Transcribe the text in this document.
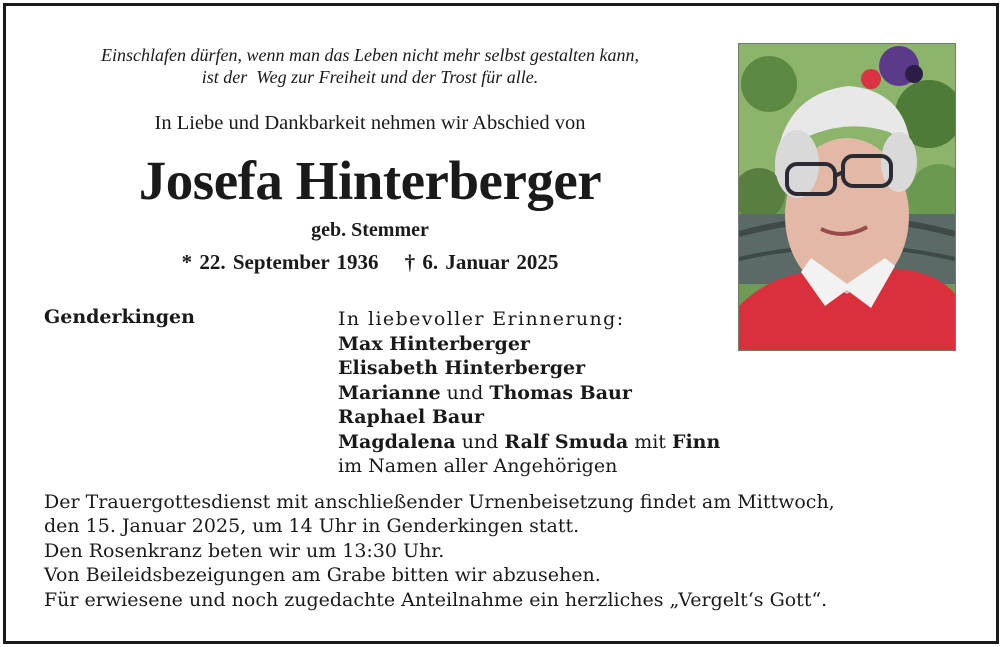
Einschlafen dürfen, wenn man das Leben nicht mehr selbst gestalten kann,
ist der  Weg zur Freiheit und der Trost für alle.
In Liebe und Dankbarkeit nehmen wir Abschied von
Josefa Hinterberger
geb. Stemmer
* 22. September 1936 † 6. Januar 2025
Genderkingen	In liebevoller Erinnerung:
Max Hinterberger
Elisabeth Hinterberger
Marianne und Thomas Baur
Raphael Baur
Magdalena und Ralf Smuda mit Finn
im Namen aller Angehörigen
Der Trauergottesdienst mit anschließender Urnenbeisetzung findet am Mittwoch,
den 15. Januar 2025, um 14 Uhr in Genderkingen statt.
Den Rosenkranz beten wir um 13:30 Uhr.
Von Beileidsbezeigungen am Grabe bitten wir abzusehen.
Für erwiesene und noch zugedachte Anteilnahme ein herzliches „Vergelt‘s Gott“.
